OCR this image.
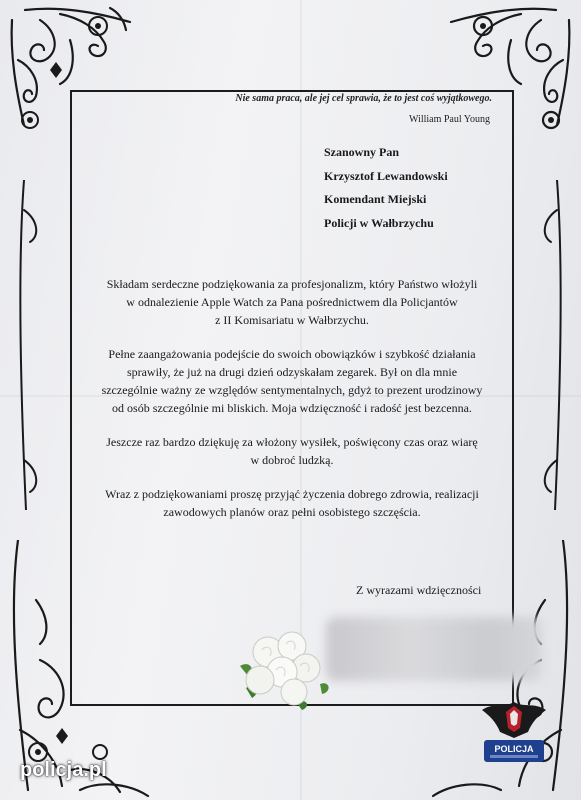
Nie sama praca, ale jej cel sprawia, że to jest coś wyjątkowego.
William Paul Young
Szanowny Pan
Krzysztof Lewandowski
Komendant Miejski
Policji w Wałbrzychu

Składam serdeczne podziękowania za profesjonalizm, który Państwo włożyli
w odnalezienie Apple Watch za Pana pośrednictwem dla Policjantów
z II Komisariatu w Wałbrzychu.

Pełne zaangażowania podejście do swoich obowiązków i szybkość działania
sprawiły, że już na drugi dzień odzyskałam zegarek. Był on dla mnie
szczególnie ważny ze względów sentymentalnych, gdyż to prezent urodzinowy
od osób szczególnie mi bliskich. Moja wdzięczność i radość jest bezcenna.

Jeszcze raz bardzo dziękuję za włożony wysiłek, poświęcony czas oraz wiarę
w dobroć ludzką.

Wraz z podziękowaniami proszę przyjąć życzenia dobrego zdrowia, realizacji
zawodowych planów oraz pełni osobistego szczęścia.

Z wyrazami wdzięczności
POLICJA
policja.pl
